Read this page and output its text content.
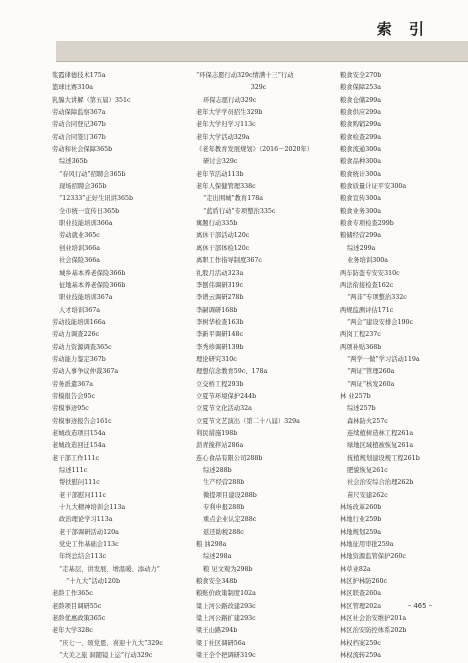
索 引
浆霞律德技术175a
篮球比赛310a
乳腺大讲解（第五届）351c
劳动保障监察367a
劳动合同登记367b
劳动合同签订367b
劳动和社会保障365b
综述365b
“春风行动”招聘会365b
现场招聘会365b
“12333”正好生讯讲365b
全市统一宣传日365b
职业技能培训366a
劳动就业365c
创业培训366a
社会保险366a
城乡基本养老保险366b
征地基本养老保险366b
职业技能培训367a
人才培训367a
劳动技能培训166a
劳动力调查226c
劳动力资源调查365c
劳动能力鉴定367b
劳动人事争议仲裁367a
劳务派遣367a
劳模报告会95c
劳模事迹95c
劳模事迹报告会161c
老城改造项目154a
老城改造回迁154a
老干部工作111c
综述111c
帮扶慰问111c
老干部慰问111c
十九大精神培训会113a
政治理论学习113a
老干部调研活动120a
党史工作基础会113c
年终总结会113c
“走基层、讲发展、增温暖、添动力”
“十九大”活动120b
老龄工作365c
老龄项目调研55c
老龄优惠政策365c
老年大学328c
“庆七一、颂党恩、喜迎十九大”329c
“大美之旅 洞随镜上运”行动329c
“环保志愿行动329c情满十三”行动
329c
环保志愿行动329c
老年大学学员招生329b
老年大学归学习113c
老年大学活动329a
《老年教育发展规划》（2016－2020年）
研讨会329c
老年节活动113b
老年人保健管理338c
“走出围城”教育178a
“蓝盾行动”专项整治335c
寓题行动335b
离休干部活动120c
离休干部体检120c
离职工作指导制度367c
礼股月活动323a
李刨伟调研319c
李谱云调研278b
李嗣调研168b
李树华检查163b
李新平调研148c
李秀珍调研139b
理论研究310c
理想信念教育59c、178a
立交桥工程293b
立夏节环境保护244b
立夏节文化活动32a
立夏节文艺演出（第二十八届）329a
利民措施198b
沥青搅拌站286a
连心食品有限公司288b
综述288b
生产经营288b
微提项目建设288b
专利申报288b
重点企业认定288c
返还助税288c
粮 油298a
综述298a
粮 见文观为298b
粮食安全348b
粮账价政策制度102a
粱上河公路改建293c
粱上河公路扩建293c
梁王山路294b
梁丁社区调研56a
梁王全个把调研319c
粮食安全270b
粮食保障253a
粮食仓储299a
粮食供应299a
粮食购销299a
粮食检查299a
粮食流通300a
粮食品种300a
粮食统计300a
粮食质量计证平安300a
粮食宣传300a
粮食业务300a
粮食专项检查299b
粮储经营299a
综述299a
业务培训300a
两车防盗专安安310c
两法衔接检查162c
“两非”专项整治332c
两规监测评估171c
“两会”建设安排会190c
两岗工程237c
两项补贴368b
“两学一做”学习活动119a
“两证”管理260a
“两证”核发260a
林 业257b
综述257b
森林防火257c
连续植树造林工程261a
绿地区域植被恢复261a
抚植规划建设规工程261b
肥貌恢复261c
社会治安综合治理262b
苗尺安建262c
林场改革260b
林地行业259b
林地规划259a
林地征用审批259a
林地资源监管保护260c
林草业82a
林区护林防260c
林区联查260a
林区管理202a
林区社会治安维护201a
林区治安防控体系202b
林权档案259c
林权流转259a
– 465 –
